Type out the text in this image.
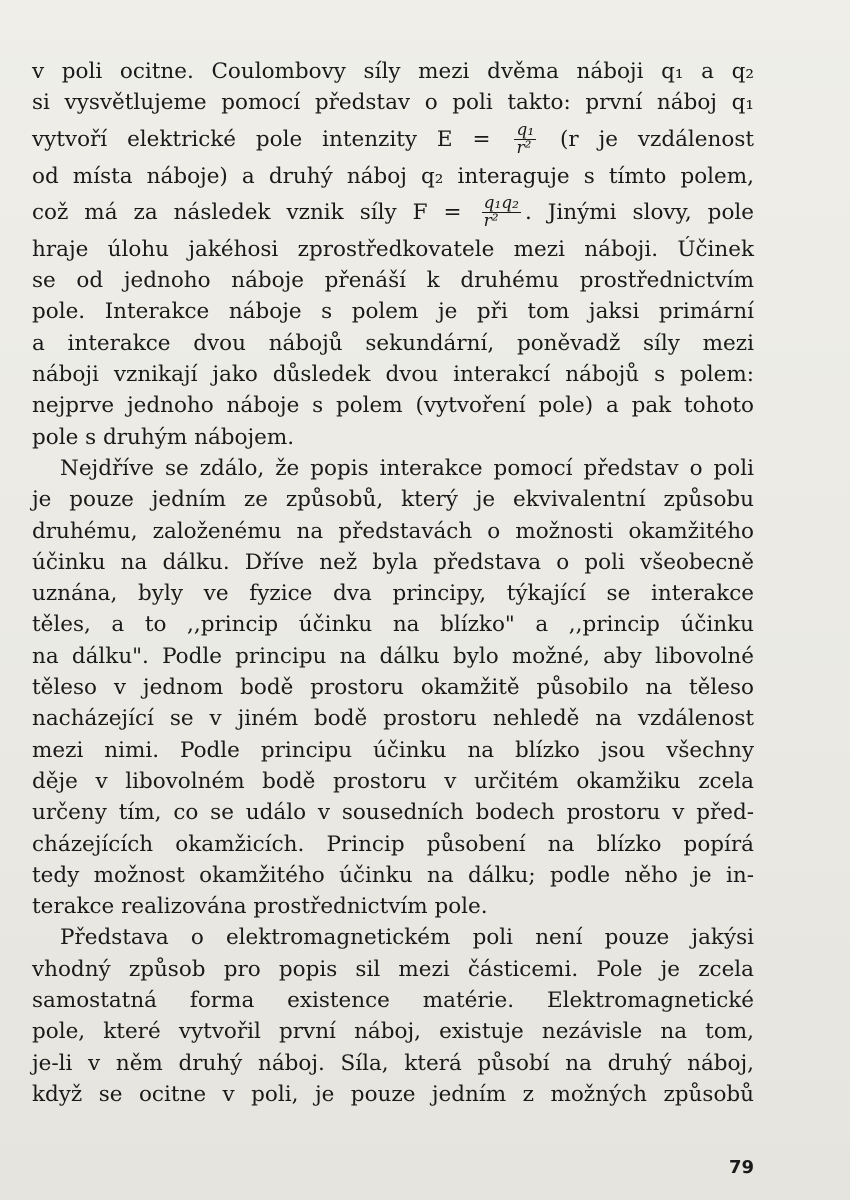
v poli ocitne. Coulombovy síly mezi dvěma náboji q₁ a q₂
si vysvětlujeme pomocí představ o poli takto: první náboj q₁
vytvoří elektrické pole intenzity $E = \frac{\text{q₁}}{\text{r²}} (r$ je vzdálenost
od místa náboje) a druhý náboj q₂ interaguje s tímto polem,
což má za následek vznik síly $F = \frac{\text{q₁q₂}}{\text{r²}}$ . Jinými slovy, pole
hraje úlohu jakéhosi zprostředkovatele mezi náboji. Účinek
se od jednoho náboje přenáší k druhému prostřednictvím
pole. Interakce náboje s polem je při tom jaksi primární
a interakce dvou nábojů sekundární, poněvadž síly mezi
náboji vznikají jako důsledek dvou interakcí nábojů s polem:
nejprve jednoho náboje s polem (vytvoření pole) a pak tohoto
pole s druhým nábojem.
Nejdříve se zdálo, že popis interakce pomocí představ o poli
je pouze jedním ze způsobů, který je ekvivalentní způsobu
druhému, založenému na představách o možnosti okamžitého
účinku na dálku. Dříve než byla představa o poli všeobecně
uznána, byly ve fyzice dva principy, týkající se interakce
těles, a to ,,princip účinku na blízko" a ,,princip účinku
na dálku". Podle principu na dálku bylo možné, aby libovolné
těleso v jednom bodě prostoru okamžitě působilo na těleso
nacházející se v jiném bodě prostoru nehledě na vzdálenost
mezi nimi. Podle principu účinku na blízko jsou všechny
děje v libovolném bodě prostoru v určitém okamžiku zcela
určeny tím, co se událo v sousedních bodech prostoru v před-
cházejících okamžicích. Princip působení na blízko popírá
tedy možnost okamžitého účinku na dálku; podle něho je in-
terakce realizována prostřednictvím pole.
Představa o elektromagnetickém poli není pouze jakýsi
vhodný způsob pro popis sil mezi částicemi. Pole je zcela
samostatná forma existence matérie. Elektromagnetické
pole, které vytvořil první náboj, existuje nezávisle na tom,
je-li v něm druhý náboj. Síla, která působí na druhý náboj,
když se ocitne v poli, je pouze jedním z možných způsobů
79
